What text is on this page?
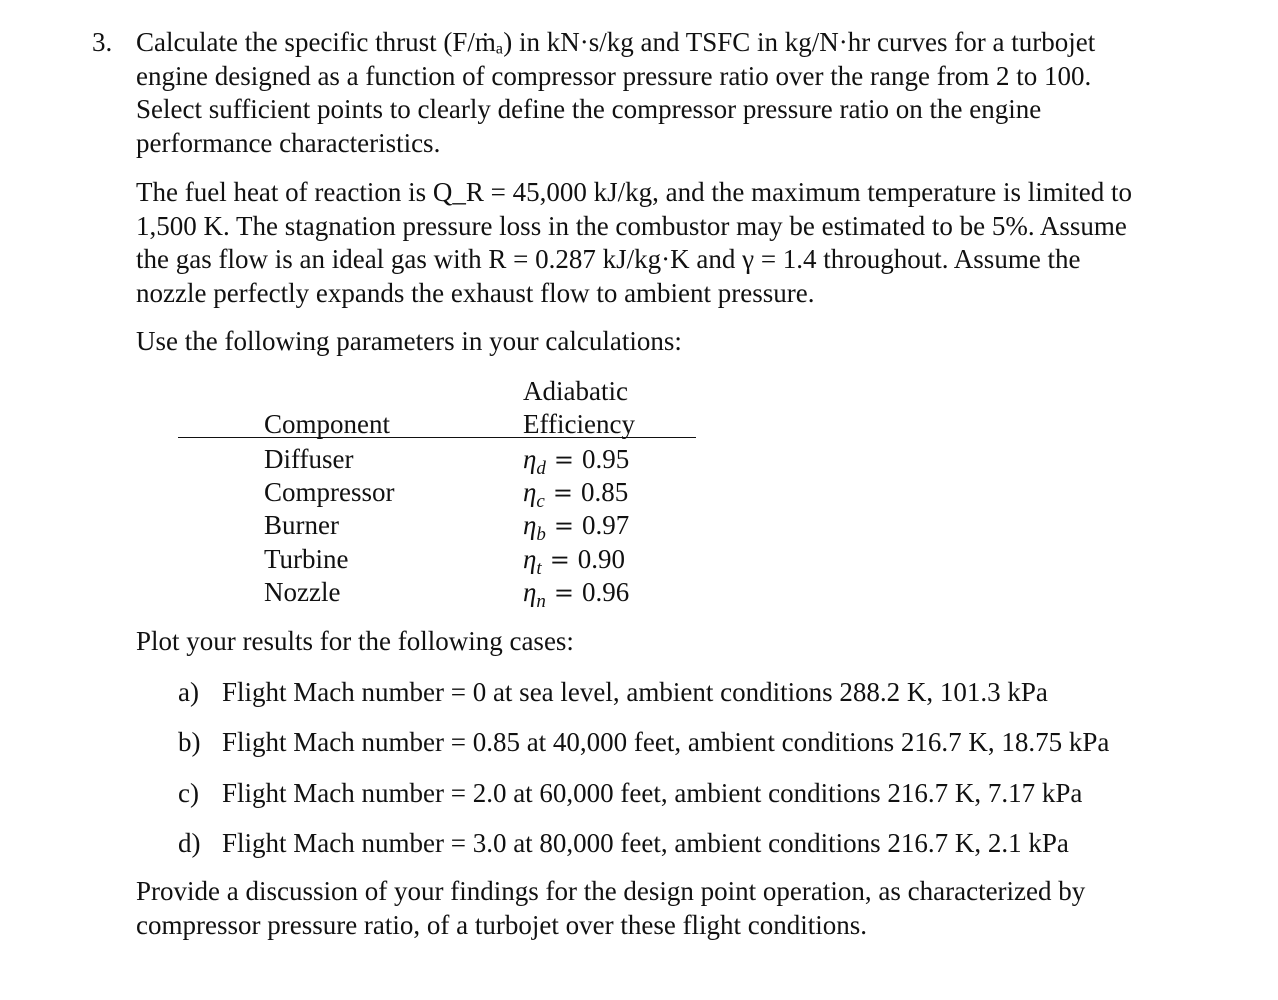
3. Calculate the specific thrust (F/ṁₐ) in kN·s/kg and TSFC in kg/N·hr curves for a turbojet
engine designed as a function of compressor pressure ratio over the range from 2 to 100.
Select sufficient points to clearly define the compressor pressure ratio on the engine
performance characteristics.

The fuel heat of reaction is Q_R = 45,000 kJ/kg, and the maximum temperature is limited to
1,500 K. The stagnation pressure loss in the combustor may be estimated to be 5%. Assume
the gas flow is an ideal gas with R = 0.287 kJ/kg·K and γ = 1.4 throughout. Assume the
nozzle perfectly expands the exhaust flow to ambient pressure.

Use the following parameters in your calculations:

Adiabatic
Component	Efficiency
Diffuser	$\eta_d = 0.95$
Compressor	$\eta_c = 0.85$
Burner	$\eta_b = 0.97$
Turbine	$\eta_t = 0.90$
Nozzle	$\eta_n = 0.96$

Plot your results for the following cases:

a) Flight Mach number = 0 at sea level, ambient conditions 288.2 K, 101.3 kPa
b) Flight Mach number = 0.85 at 40,000 feet, ambient conditions 216.7 K, 18.75 kPa
c) Flight Mach number = 2.0 at 60,000 feet, ambient conditions 216.7 K, 7.17 kPa
d) Flight Mach number = 3.0 at 80,000 feet, ambient conditions 216.7 K, 2.1 kPa

Provide a discussion of your findings for the design point operation, as characterized by
compressor pressure ratio, of a turbojet over these flight conditions.
